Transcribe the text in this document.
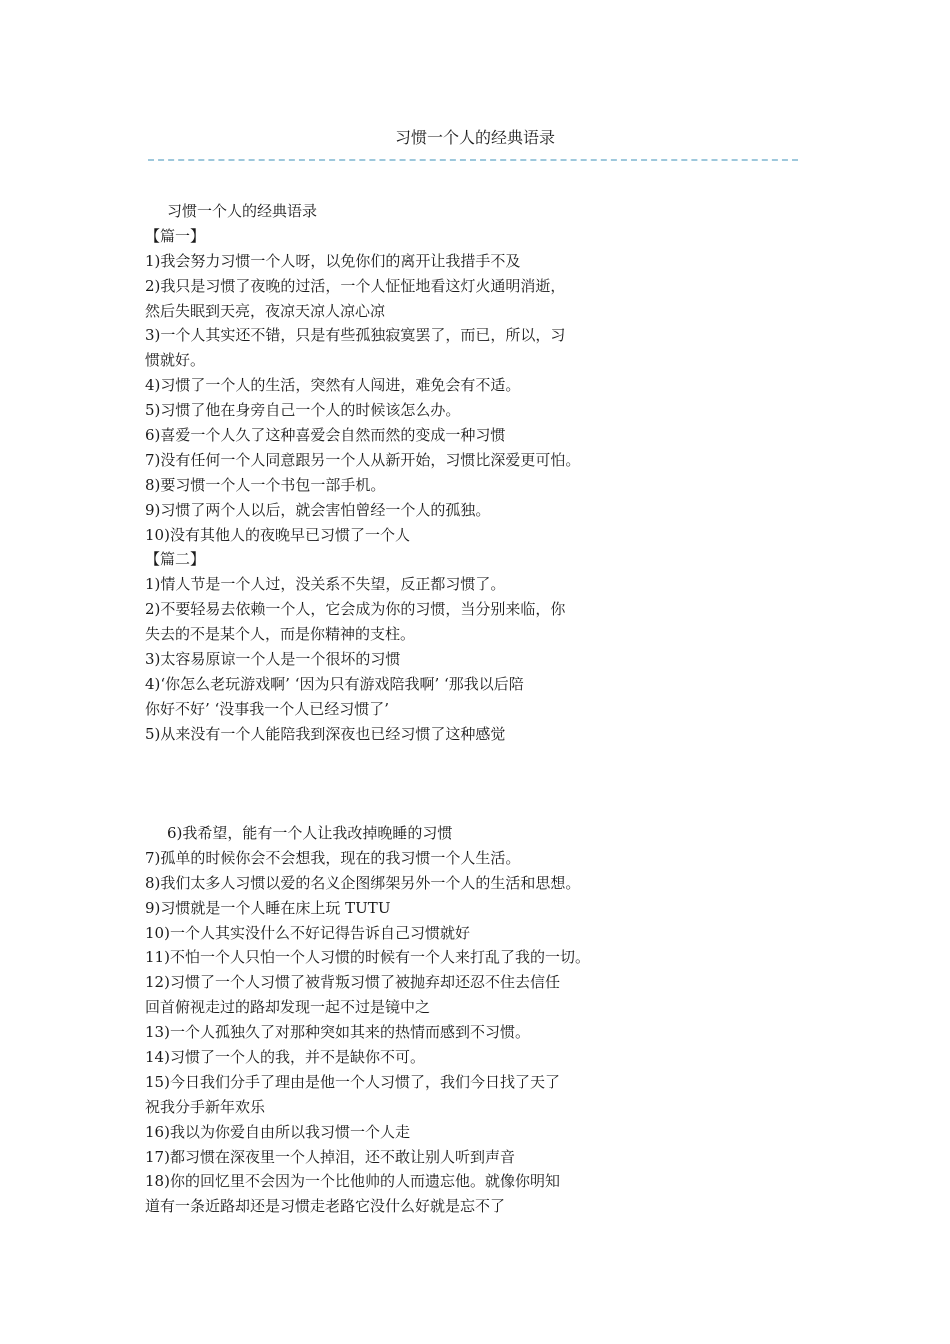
习惯一个人的经典语录
习惯一个人的经典语录
【篇一】
1)我会努力习惯一个人呀，以免你们的离开让我措手不及
2)我只是习惯了夜晚的过活，一个人怔怔地看这灯火通明消逝，
然后失眠到天亮，夜凉天凉人凉心凉
3)一个人其实还不错，只是有些孤独寂寞罢了，而已，所以，习
惯就好。
4)习惯了一个人的生活，突然有人闯进，难免会有不适。
5)习惯了他在身旁自己一个人的时候该怎么办。
6)喜爱一个人久了这种喜爱会自然而然的变成一种习惯
7)没有任何一个人同意跟另一个人从新开始，习惯比深爱更可怕。
8)要习惯一个人一个书包一部手机。
9)习惯了两个人以后，就会害怕曾经一个人的孤独。
10)没有其他人的夜晚早已习惯了一个人
【篇二】
1)情人节是一个人过，没关系不失望，反正都习惯了。
2)不要轻易去依赖一个人，它会成为你的习惯，当分别来临，你
失去的不是某个人，而是你精神的支柱。
3)太容易原谅一个人是一个很坏的习惯
4)‘你怎么老玩游戏啊’ ‘因为只有游戏陪我啊’ ‘那我以后陪
你好不好’ ‘没事我一个人已经习惯了’
5)从来没有一个人能陪我到深夜也已经习惯了这种感觉
6)我希望，能有一个人让我改掉晚睡的习惯
7)孤单的时候你会不会想我，现在的我习惯一个人生活。
8)我们太多人习惯以爱的名义企图绑架另外一个人的生活和思想。
9)习惯就是一个人睡在床上玩 TUTU
10)一个人其实没什么不好记得告诉自己习惯就好
11)不怕一个人只怕一个人习惯的时候有一个人来打乱了我的一切。
12)习惯了一个人习惯了被背叛习惯了被抛弃却还忍不住去信任
回首俯视走过的路却发现一起不过是镜中之
13)一个人孤独久了对那种突如其来的热情而感到不习惯。
14)习惯了一个人的我，并不是缺你不可。
15)今日我们分手了理由是他一个人习惯了，我们今日找了天了
祝我分手新年欢乐
16)我以为你爱自由所以我习惯一个人走
17)都习惯在深夜里一个人掉泪，还不敢让别人听到声音
18)你的回忆里不会因为一个比他帅的人而遗忘他。就像你明知
道有一条近路却还是习惯走老路它没什么好就是忘不了
